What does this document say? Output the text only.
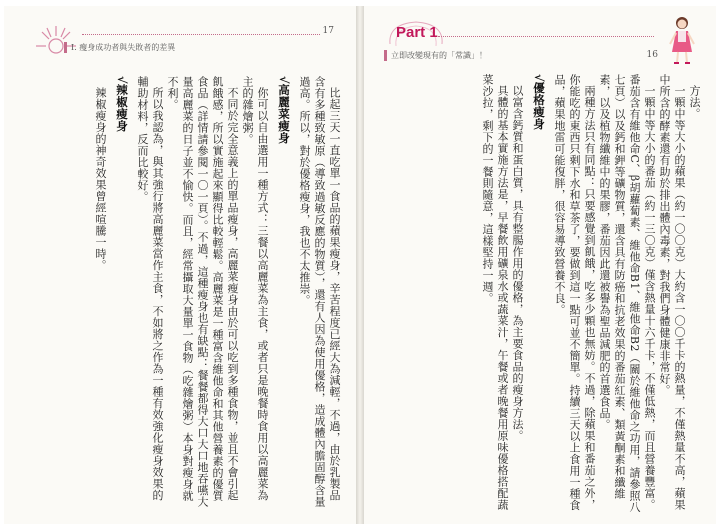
17
I. 瘦身成功者與失敗者的差異

比起三天一直吃單一食品的蘋果瘦身，辛苦程度已經大為減輕，不過，由於乳製品含有多種致敏原（導致過敏反應的物質），還有人因為使用優格，造成體內膽固醇含量過高。所以，對於優格瘦身，我也不太推崇。

√高麗菜瘦身

你可以自由選用一種方式：三餐以高麗菜為主食，或者只是晚餐時食用以高麗菜為主的雜燴粥。

不同於完全意義上的單品瘦身，高麗菜瘦身由於可以吃到多種食物，並且不會引起飢餓感，所以實施起來顯得比較輕鬆。高麗菜是一種富含維他命和其他營養素的優質食品（詳情請參閱一〇一頁）。不過，這種瘦身也有缺點：餐餐都得大口大口地吞嚥大量高麗菜的日子並不愉快。而且，經常攝取大量單一食物（吃雜燴粥）本身對瘦身就不利。

所以我認為，與其強行將高麗菜當作主食，不如將之作為一種有效強化瘦身效果的輔助材料，反而比較好。

√辣椒瘦身

辣椒瘦身的神奇效果曾經喧騰一時。

Part 1
立即改變現有的「常識」！	16

方法。

一顆中等大小的蘋果（約一〇〇克）大約含一〇〇千卡的熱量，不僅熱量不高，蘋果中所含的酵素還有助於排出體內毒素，對我們身體健康非常好。

一顆中等大小的番茄（約一三〇克）僅含熱量十六千卡，不僅低熱，而且營養豐富。番茄含有維他命C、β胡蘿蔔素、維他命B1、維他命B2（關於維他命之功用，請參照八七頁）以及鈣和鉀等礦物質，還含具有防癌和抗老效果的番茄紅素、類黃酮素和纖維素，以及植物纖維中的果膠，番茄因此還被譽為聖品減肥的首選食品。

兩種方法只有同點：只要感覺到飢餓，吃多少顆也無妨。不過，除蘋果和番茄之外，你能吃的東西只剩下水和草茶了，要做到這一點可並不簡單。持續三天以上食用一種食品，蘋果地雷可能復胖，很容易導致營養不良。

√優格瘦身

以富含鈣質和蛋白質，具有整腸作用的優格，為主要食品的瘦身方法。

具體的基本實施方法是，早餐飲用礦泉水或蔬菜汁，午餐或者晚餐用原味優格搭配蔬菜沙拉，剩下的一餐則隨意，這樣堅持一週。
